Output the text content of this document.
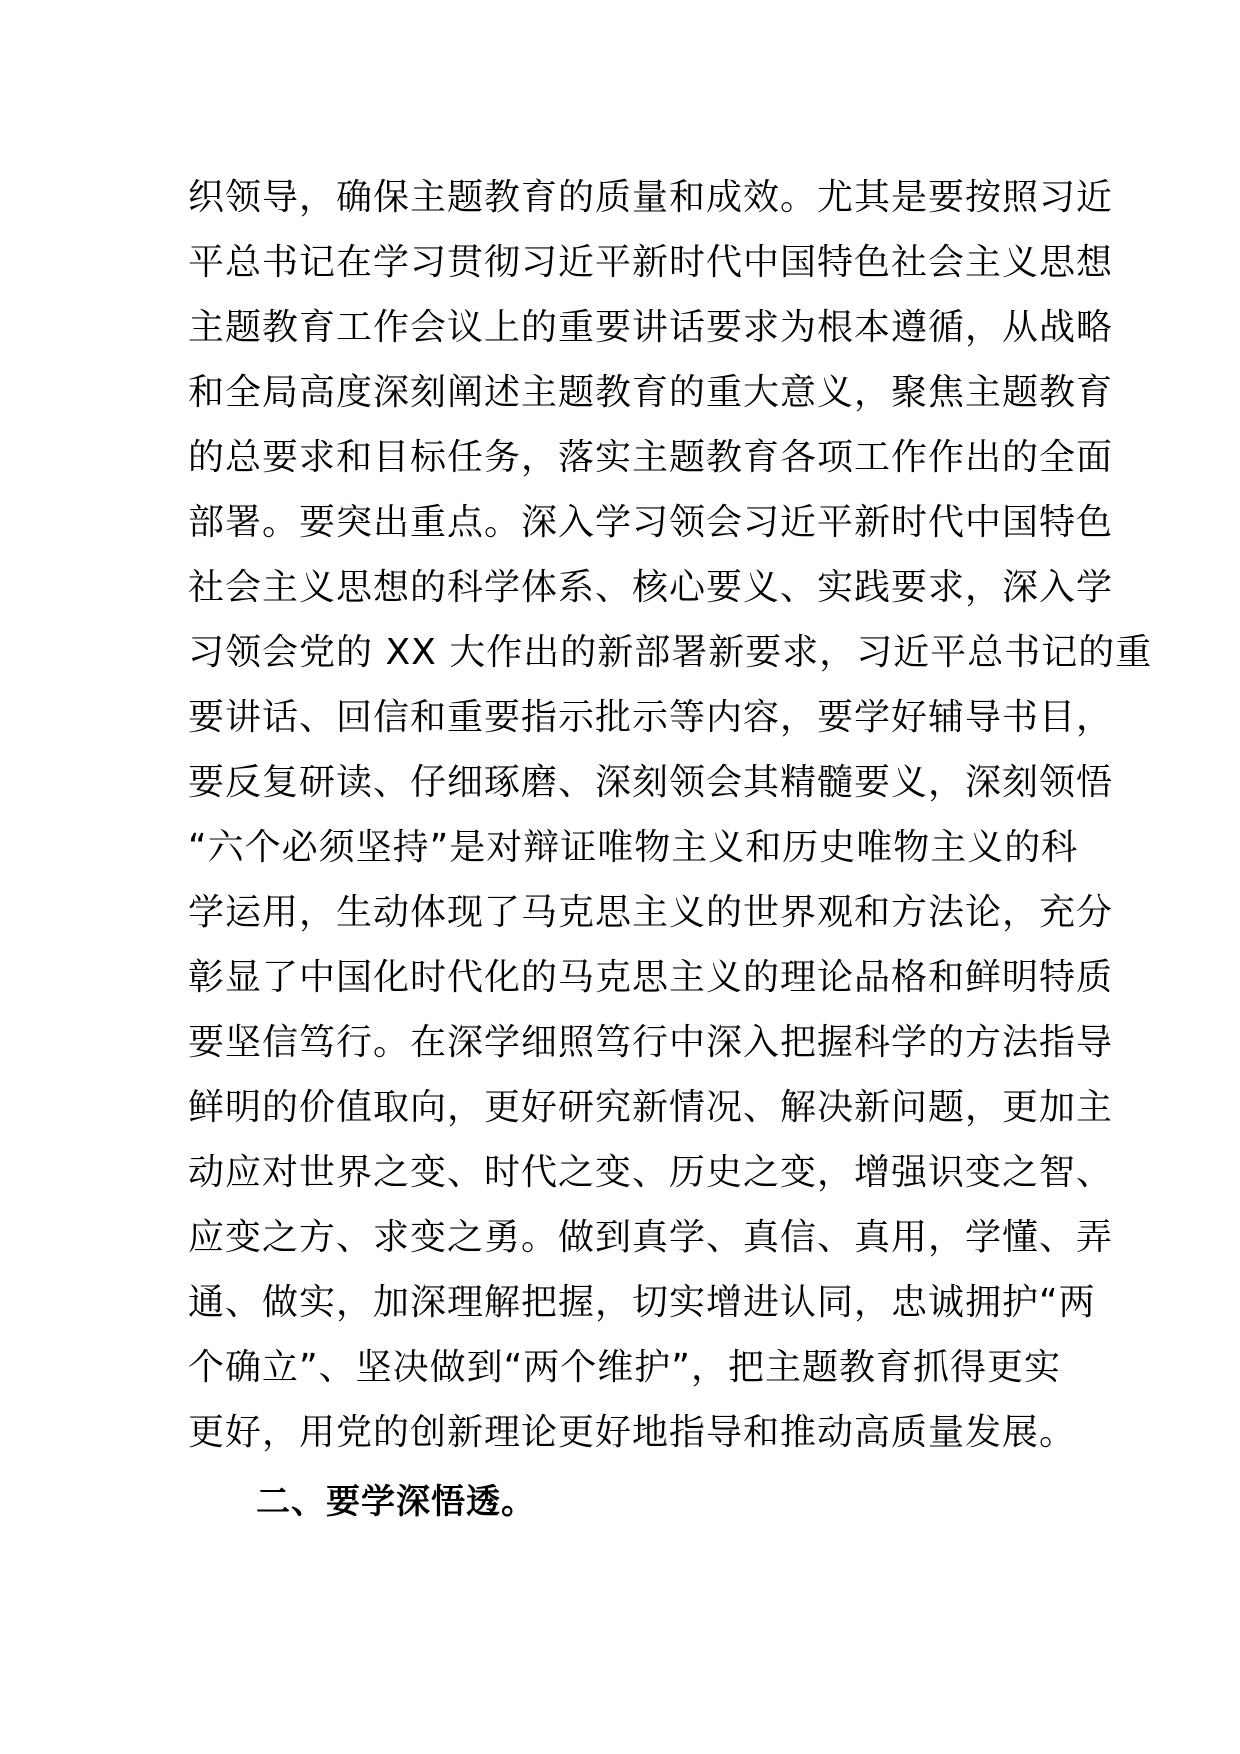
织领导，确保主题教育的质量和成效。尤其是要按照习近
平总书记在学习贯彻习近平新时代中国特色社会主义思想
主题教育工作会议上的重要讲话要求为根本遵循，从战略
和全局高度深刻阐述主题教育的重大意义，聚焦主题教育
的总要求和目标任务，落实主题教育各项工作作出的全面
部署。要突出重点。深入学习领会习近平新时代中国特色
社会主义思想的科学体系、核心要义、实践要求，深入学
习领会党的 XX 大作出的新部署新要求，习近平总书记的重
要讲话、回信和重要指示批示等内容，要学好辅导书目，
要反复研读、仔细琢磨、深刻领会其精髓要义，深刻领悟
“六个必须坚持”是对辩证唯物主义和历史唯物主义的科
学运用，生动体现了马克思主义的世界观和方法论，充分
彰显了中国化时代化的马克思主义的理论品格和鲜明特质
要坚信笃行。在深学细照笃行中深入把握科学的方法指导
鲜明的价值取向，更好研究新情况、解决新问题，更加主
动应对世界之变、时代之变、历史之变，增强识变之智、
应变之方、求变之勇。做到真学、真信、真用，学懂、弄
通、做实，加深理解把握，切实增进认同，忠诚拥护“两
个确立”、坚决做到“两个维护”，把主题教育抓得更实
更好，用党的创新理论更好地指导和推动高质量发展。
二、要学深悟透。
